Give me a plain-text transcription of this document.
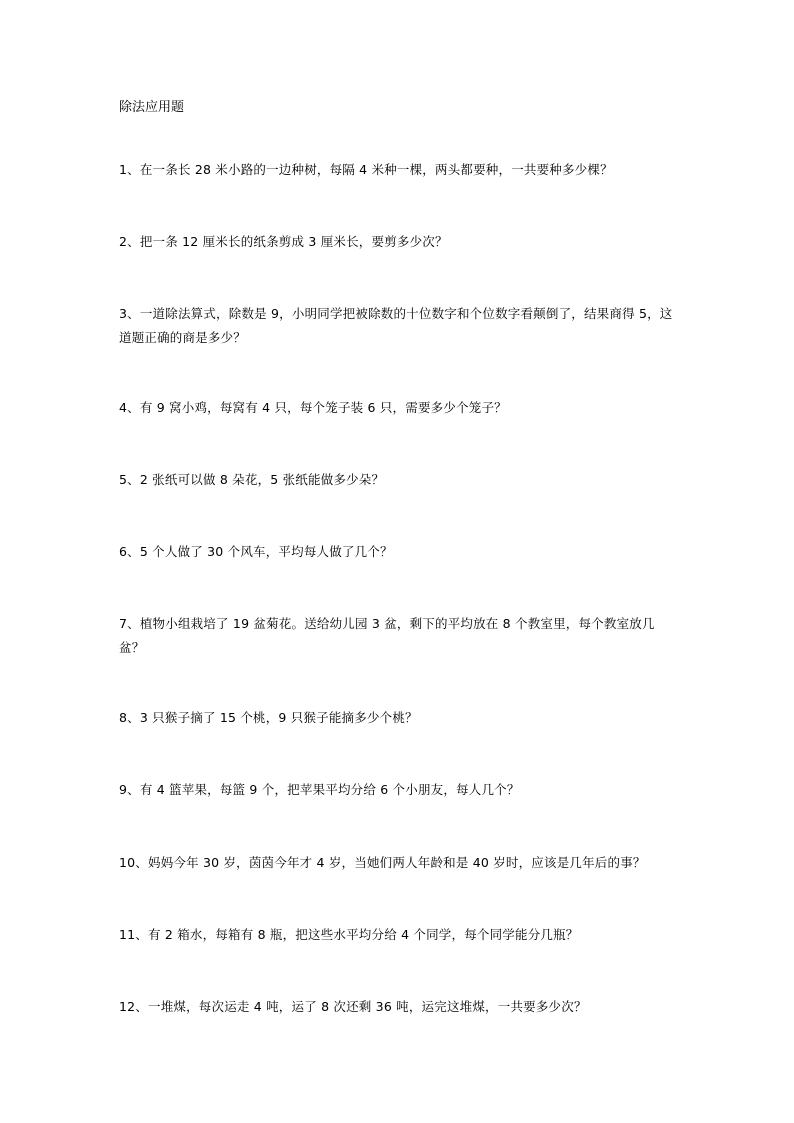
除法应用题
1、在一条长 28 米小路的一边种树，每隔 4 米种一棵，两头都要种，一共要种多少棵？
2、把一条 12 厘米长的纸条剪成 3 厘米长，要剪多少次？
3、一道除法算式，除数是 9，小明同学把被除数的十位数字和个位数字看颠倒了，结果商得 5，这道题正确的商是多少？
4、有 9 窝小鸡，每窝有 4 只，每个笼子装 6 只，需要多少个笼子？
5、2 张纸可以做 8 朵花，5 张纸能做多少朵？
6、5 个人做了 30 个风车，平均每人做了几个？
7、植物小组栽培了 19 盆菊花。送给幼儿园 3 盆，剩下的平均放在 8 个教室里，每个教室放几盆？
8、3 只猴子摘了 15 个桃，9 只猴子能摘多少个桃？
9、有 4 篮苹果，每篮 9 个，把苹果平均分给 6 个小朋友，每人几个？
10、妈妈今年 30 岁，茵茵今年才 4 岁，当她们两人年龄和是 40 岁时，应该是几年后的事？
11、有 2 箱水，每箱有 8 瓶，把这些水平均分给 4 个同学，每个同学能分几瓶？
12、一堆煤，每次运走 4 吨，运了 8 次还剩 36 吨，运完这堆煤，一共要多少次？
